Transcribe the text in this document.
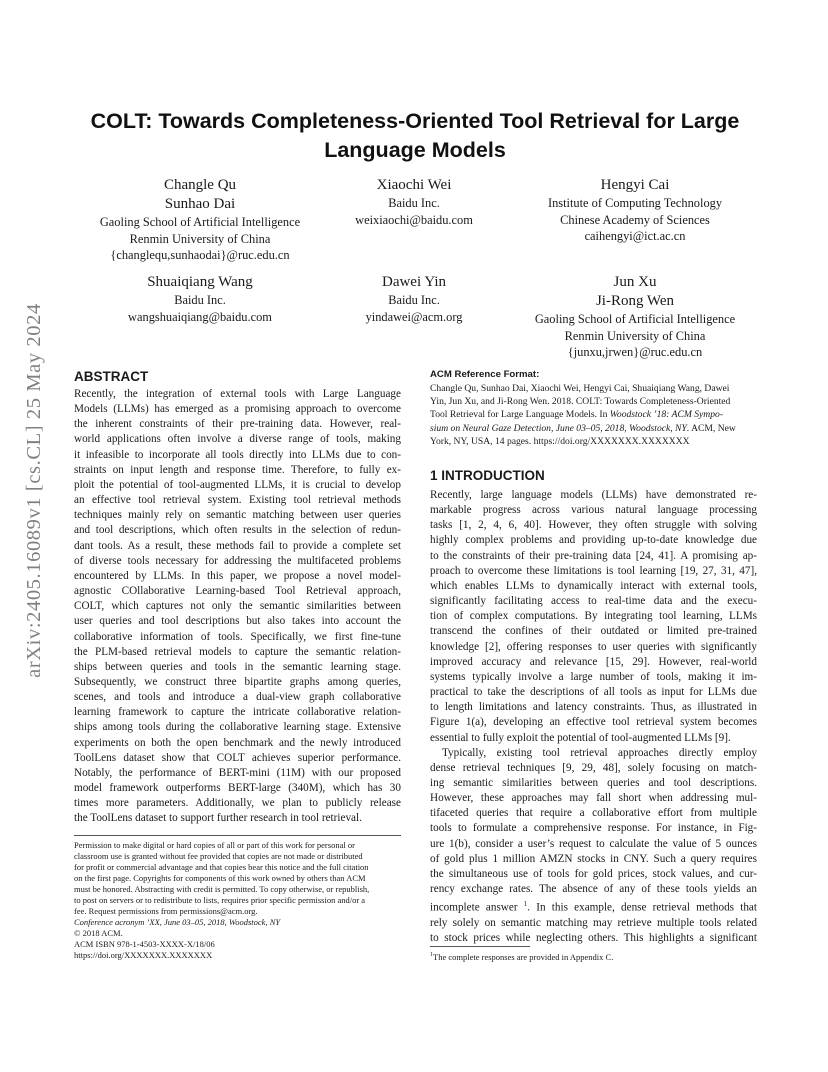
arXiv:2405.16089v1 [cs.CL] 25 May 2024
COLT: Towards Completeness-Oriented Tool Retrieval for Large
Language Models
Changle Qu
Sunhao Dai
Gaoling School of Artificial Intelligence
Renmin University of China
{changlequ,sunhaodai}@ruc.edu.cn
Xiaochi Wei
Baidu Inc.
weixiaochi@baidu.com
Hengyi Cai
Institute of Computing Technology
Chinese Academy of Sciences
caihengyi@ict.ac.cn
Shuaiqiang Wang
Baidu Inc.
wangshuaiqiang@baidu.com
Dawei Yin
Baidu Inc.
yindawei@acm.org
Jun Xu
Ji-Rong Wen
Gaoling School of Artificial Intelligence
Renmin University of China
{junxu,jrwen}@ruc.edu.cn
ABSTRACT
Recently, the integration of external tools with Large Language
Models (LLMs) has emerged as a promising approach to overcome
the inherent constraints of their pre-training data. However, real-
world applications often involve a diverse range of tools, making
it infeasible to incorporate all tools directly into LLMs due to con-
straints on input length and response time. Therefore, to fully ex-
ploit the potential of tool-augmented LLMs, it is crucial to develop
an effective tool retrieval system. Existing tool retrieval methods
techniques mainly rely on semantic matching between user queries
and tool descriptions, which often results in the selection of redun-
dant tools. As a result, these methods fail to provide a complete set
of diverse tools necessary for addressing the multifaceted problems
encountered by LLMs. In this paper, we propose a novel model-
agnostic COllaborative Learning-based Tool Retrieval approach,
COLT, which captures not only the semantic similarities between
user queries and tool descriptions but also takes into account the
collaborative information of tools. Specifically, we first fine-tune
the PLM-based retrieval models to capture the semantic relation-
ships between queries and tools in the semantic learning stage.
Subsequently, we construct three bipartite graphs among queries,
scenes, and tools and introduce a dual-view graph collaborative
learning framework to capture the intricate collaborative relation-
ships among tools during the collaborative learning stage. Extensive
experiments on both the open benchmark and the newly introduced
ToolLens dataset show that COLT achieves superior performance.
Notably, the performance of BERT-mini (11M) with our proposed
model framework outperforms BERT-large (340M), which has 30
times more parameters. Additionally, we plan to publicly release
the ToolLens dataset to support further research in tool retrieval.
Permission to make digital or hard copies of all or part of this work for personal or
classroom use is granted without fee provided that copies are not made or distributed
for profit or commercial advantage and that copies bear this notice and the full citation
on the first page. Copyrights for components of this work owned by others than ACM
must be honored. Abstracting with credit is permitted. To copy otherwise, or republish,
to post on servers or to redistribute to lists, requires prior specific permission and/or a
fee. Request permissions from permissions@acm.org.
Conference acronym ’XX, June 03–05, 2018, Woodstock, NY
© 2018 ACM.
ACM ISBN 978-1-4503-XXXX-X/18/06
https://doi.org/XXXXXXX.XXXXXXX
ACM Reference Format:
Changle Qu, Sunhao Dai, Xiaochi Wei, Hengyi Cai, Shuaiqiang Wang, Dawei
Yin, Jun Xu, and Ji-Rong Wen. 2018. COLT: Towards Completeness-Oriented
Tool Retrieval for Large Language Models. In Woodstock ’18: ACM Sympo-
sium on Neural Gaze Detection, June 03–05, 2018, Woodstock, NY. ACM, New
York, NY, USA, 14 pages. https://doi.org/XXXXXXX.XXXXXXX
1 INTRODUCTION
Recently, large language models (LLMs) have demonstrated re-
markable progress across various natural language processing
tasks [1, 2, 4, 6, 40]. However, they often struggle with solving
highly complex problems and providing up-to-date knowledge due
to the constraints of their pre-training data [24, 41]. A promising ap-
proach to overcome these limitations is tool learning [19, 27, 31, 47],
which enables LLMs to dynamically interact with external tools,
significantly facilitating access to real-time data and the execu-
tion of complex computations. By integrating tool learning, LLMs
transcend the confines of their outdated or limited pre-trained
knowledge [2], offering responses to user queries with significantly
improved accuracy and relevance [15, 29]. However, real-world
systems typically involve a large number of tools, making it im-
practical to take the descriptions of all tools as input for LLMs due
to length limitations and latency constraints. Thus, as illustrated in
Figure 1(a), developing an effective tool retrieval system becomes
essential to fully exploit the potential of tool-augmented LLMs [9].
Typically, existing tool retrieval approaches directly employ
dense retrieval techniques [9, 29, 48], solely focusing on match-
ing semantic similarities between queries and tool descriptions.
However, these approaches may fall short when addressing mul-
tifaceted queries that require a collaborative effort from multiple
tools to formulate a comprehensive response. For instance, in Fig-
ure 1(b), consider a user’s request to calculate the value of 5 ounces
of gold plus 1 million AMZN stocks in CNY. Such a query requires
the simultaneous use of tools for gold prices, stock values, and cur-
rency exchange rates. The absence of any of these tools yields an
incomplete answer $^1$. In this example, dense retrieval methods that
rely solely on semantic matching may retrieve multiple tools related
to stock prices while neglecting others. This highlights a significant
$^1$The complete responses are provided in Appendix C.
